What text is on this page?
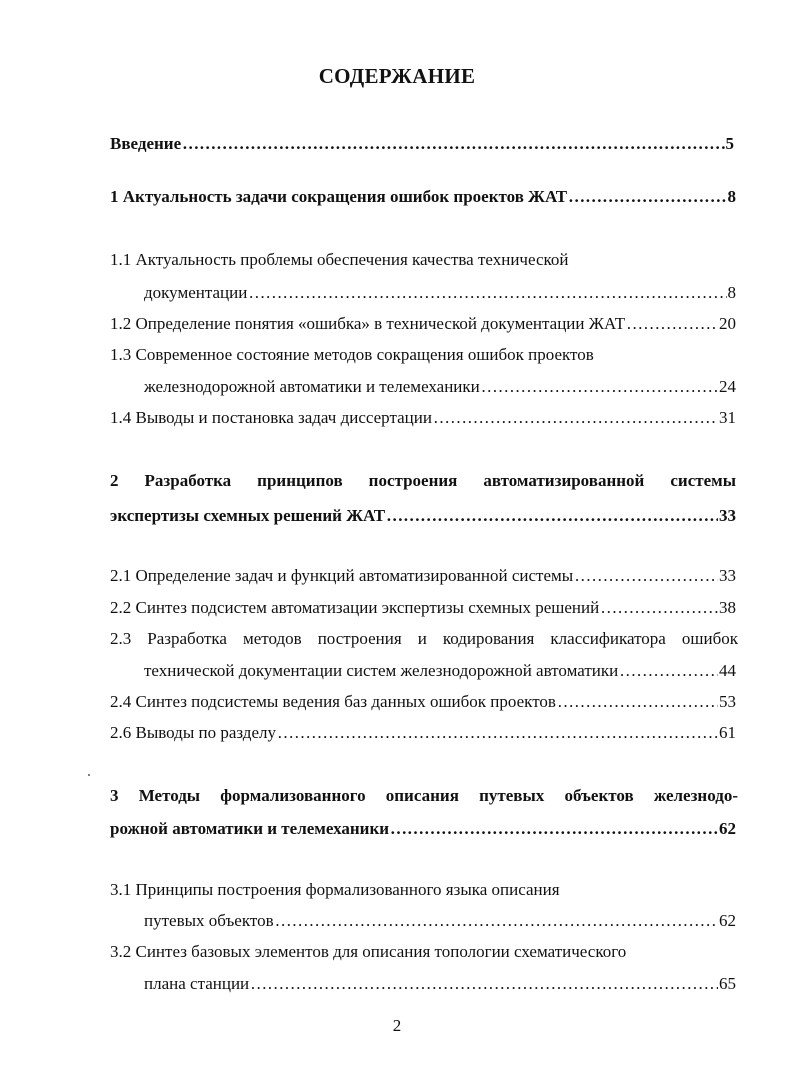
СОДЕРЖАНИЕ
Введение …………………………………………………………………………………………………………………………………………………………	5
1 Актуальность задачи сокращения ошибок проектов ЖАТ …………………………………………………………………………………………………………………………………………………………	8
1.1 Актуальность проблемы обеспечения качества технической
документации …………………………………………………………………………………………………………………………………………………………	8
1.2 Определение понятия «ошибка» в технической документации ЖАТ …………………………………………………………………………………………………………………………………………………………	20
1.3 Современное состояние методов сокращения ошибок проектов
железнодорожной автоматики и телемеханики …………………………………………………………………………………………………………………………………………………………	24
1.4 Выводы и постановка задач диссертации …………………………………………………………………………………………………………………………………………………………	31
2 Разработка принципов построения автоматизированной системы
экспертизы схемных решений ЖАТ …………………………………………………………………………………………………………………………………………………………	33
2.1 Определение задач и функций автоматизированной системы …………………………………………………………………………………………………………………………………………………………	33
2.2 Синтез подсистем автоматизации экспертизы схемных решений …………………………………………………………………………………………………………………………………………………………	38
2.3 Разработка методов построения и кодирования классификатора ошибок
технической документации систем железнодорожной автоматики …………………………………………………………………………………………………………………………………………………………	44
2.4 Синтез подсистемы ведения баз данных ошибок проектов …………………………………………………………………………………………………………………………………………………………	53
2.6 Выводы по разделу …………………………………………………………………………………………………………………………………………………………	61
3 Методы формализованного описания путевых объектов железнодо-
рожной автоматики и телемеханики …………………………………………………………………………………………………………………………………………………………	62
3.1 Принципы построения формализованного языка описания
путевых объектов …………………………………………………………………………………………………………………………………………………………	62
3.2 Синтез базовых элементов для описания топологии схематического
плана станции …………………………………………………………………………………………………………………………………………………………	65
2
